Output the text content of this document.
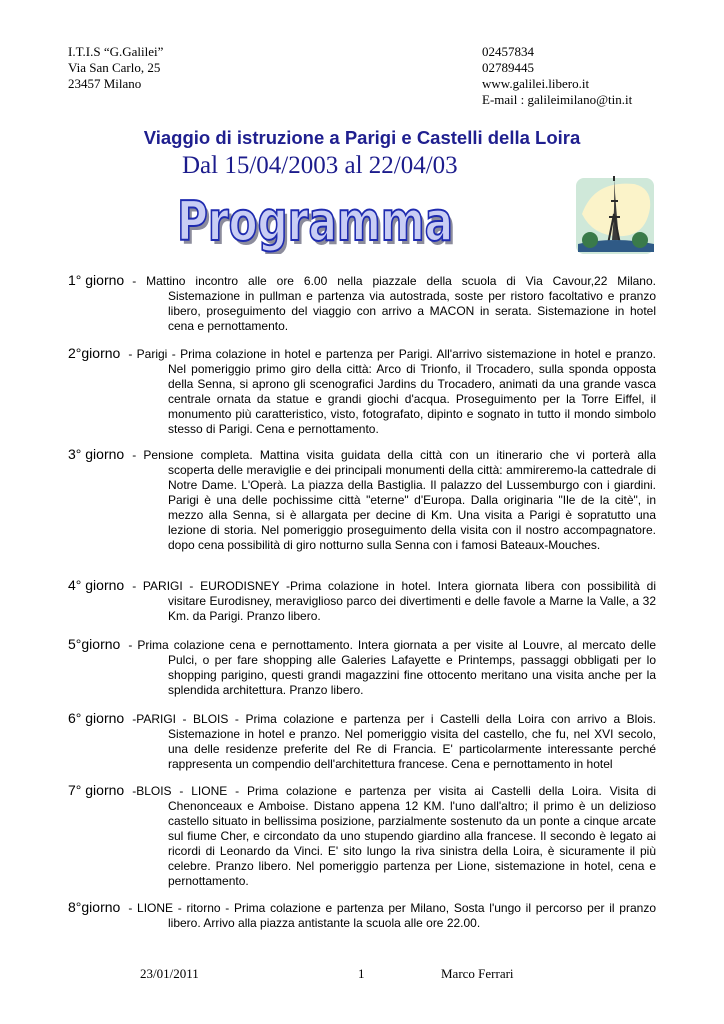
I.T.I.S “G.Galilei”
Via San Carlo, 25
23457 Milano
02457834
02789445
www.galilei.libero.it
E-mail : galileimilano@tin.it
Viaggio di istruzione a Parigi e Castelli della Loira
Dal 15/04/2003 al 22/04/03
Programma
Programma
1° giorno - Mattino incontro alle ore 6.00 nella piazzale della scuola di Via Cavour,22 Milano.
Sistemazione in pullman e partenza via autostrada, soste per ristoro facoltativo e pranzo libero, proseguimento del viaggio con arrivo a MACON in serata. Sistemazione in hotel cena e pernottamento.
2°giorno - Parigi - Prima colazione in hotel e partenza per Parigi. All'arrivo sistemazione in hotel e pranzo.
Nel pomeriggio primo giro della città: Arco di Trionfo, il Trocadero, sulla sponda opposta della Senna, si aprono gli scenografici Jardins du Trocadero, animati da una grande vasca centrale ornata da statue e grandi giochi d'acqua. Proseguimento per la Torre Eiffel, il monumento più caratteristico, visto, fotografato, dipinto e sognato in tutto il mondo simbolo stesso di Parigi. Cena e pernottamento.
3° giorno - Pensione completa. Mattina visita guidata della città con un itinerario che vi porterà alla
scoperta delle meraviglie e dei principali monumenti della città: ammireremo-la cattedrale di Notre Dame. L'Operà. La piazza della Bastiglia. Il palazzo del Lussemburgo con i giardini. Parigi è una delle pochissime città "eterne" d'Europa. Dalla originaria "Ile de la citè", in mezzo alla Senna, si è allargata per decine di Km. Una visita a Parigi è sopratutto una lezione di storia. Nel pomeriggio proseguimento della visita con il nostro accompagnatore. dopo cena possibilità di giro notturno sulla Senna con i famosi Bateaux-Mouches.
4° giorno - PARIGI - EURODISNEY -Prima colazione in hotel. Intera giornata libera con possibilità di
visitare Eurodisney, meraviglioso parco dei divertimenti e delle favole a Marne la Valle, a 32 Km. da Parigi. Pranzo libero.
5°giorno - Prima colazione cena e pernottamento. Intera giornata a per visite al Louvre, al mercato delle
Pulci, o per fare shopping alle Galeries Lafayette e Printemps, passaggi obbligati per lo shopping parigino, questi grandi magazzini fine ottocento meritano una visita anche per la splendida architettura. Pranzo libero.
6° giorno -PARIGI - BLOIS - Prima colazione e partenza per i Castelli della Loira con arrivo a Blois.
Sistemazione in hotel e pranzo. Nel pomeriggio visita del castello, che fu, nel XVI secolo, una delle residenze preferite del Re di Francia. E' particolarmente interessante perché rappresenta un compendio dell'architettura francese. Cena e pernottamento in hotel
7° giorno -BLOIS - LIONE - Prima colazione e partenza per visita ai Castelli della Loira. Visita di
Chenonceaux e Amboise. Distano appena 12 KM. l'uno dall'altro; il primo è un delizioso castello situato in bellissima posizione, parzialmente sostenuto da un ponte a cinque arcate sul fiume Cher, e circondato da uno stupendo giardino alla francese. Il secondo è legato ai ricordi di Leonardo da Vinci. E' sito lungo la riva sinistra della Loira, è sicuramente il più celebre. Pranzo libero. Nel pomeriggio partenza per Lione, sistemazione in hotel, cena e pernottamento.
8°giorno - LIONE - ritorno - Prima colazione e partenza per Milano, Sosta l'ungo il percorso per il pranzo
libero. Arrivo alla piazza antistante la scuola alle ore 22.00.
23/01/2011	1	Marco Ferrari
